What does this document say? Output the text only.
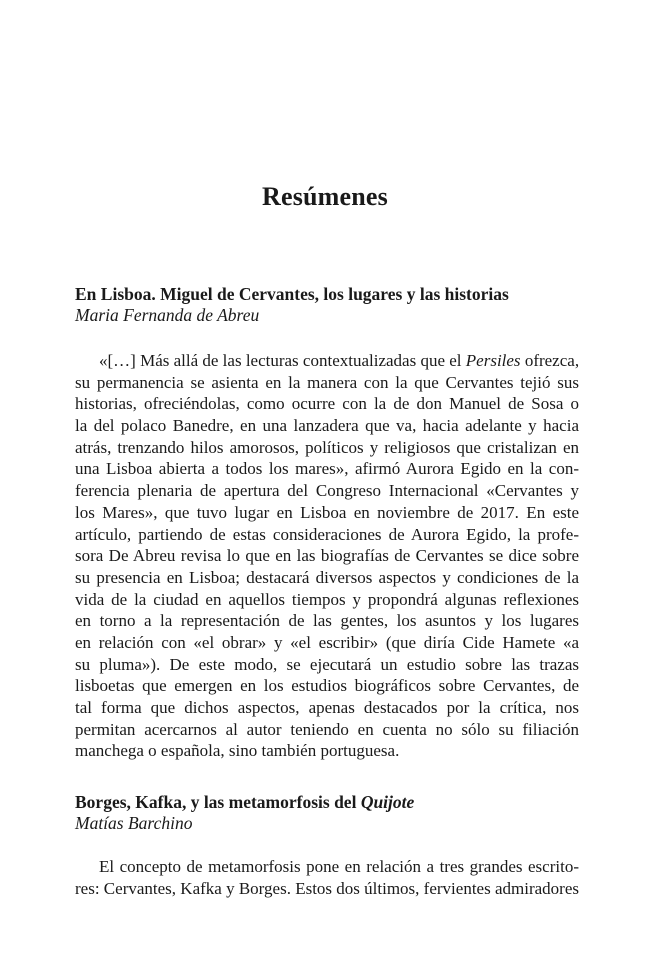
Resúmenes
En Lisboa. Miguel de Cervantes, los lugares y las historias
Maria Fernanda de Abreu
«[…] Más allá de las lecturas contextualizadas que el Persiles ofrezca,
su permanencia se asienta en la manera con la que Cervantes tejió sus
historias, ofreciéndolas, como ocurre con la de don Manuel de Sosa o
la del polaco Banedre, en una lanzadera que va, hacia adelante y hacia
atrás, trenzando hilos amorosos, políticos y religiosos que cristalizan en
una Lisboa abierta a todos los mares», afirmó Aurora Egido en la con-
ferencia plenaria de apertura del Congreso Internacional «Cervantes y
los Mares», que tuvo lugar en Lisboa en noviembre de 2017. En este
artículo, partiendo de estas consideraciones de Aurora Egido, la profe-
sora De Abreu revisa lo que en las biografías de Cervantes se dice sobre
su presencia en Lisboa; destacará diversos aspectos y condiciones de la
vida de la ciudad en aquellos tiempos y propondrá algunas reflexiones
en torno a la representación de las gentes, los asuntos y los lugares
en relación con «el obrar» y «el escribir» (que diría Cide Hamete «a
su pluma»). De este modo, se ejecutará un estudio sobre las trazas
lisboetas que emergen en los estudios biográficos sobre Cervantes, de
tal forma que dichos aspectos, apenas destacados por la crítica, nos
permitan acercarnos al autor teniendo en cuenta no sólo su filiación
manchega o española, sino también portuguesa.
Borges, Kafka, y las metamorfosis del Quijote
Matías Barchino
El concepto de metamorfosis pone en relación a tres grandes escrito-
res: Cervantes, Kafka y Borges. Estos dos últimos, fervientes admiradores
